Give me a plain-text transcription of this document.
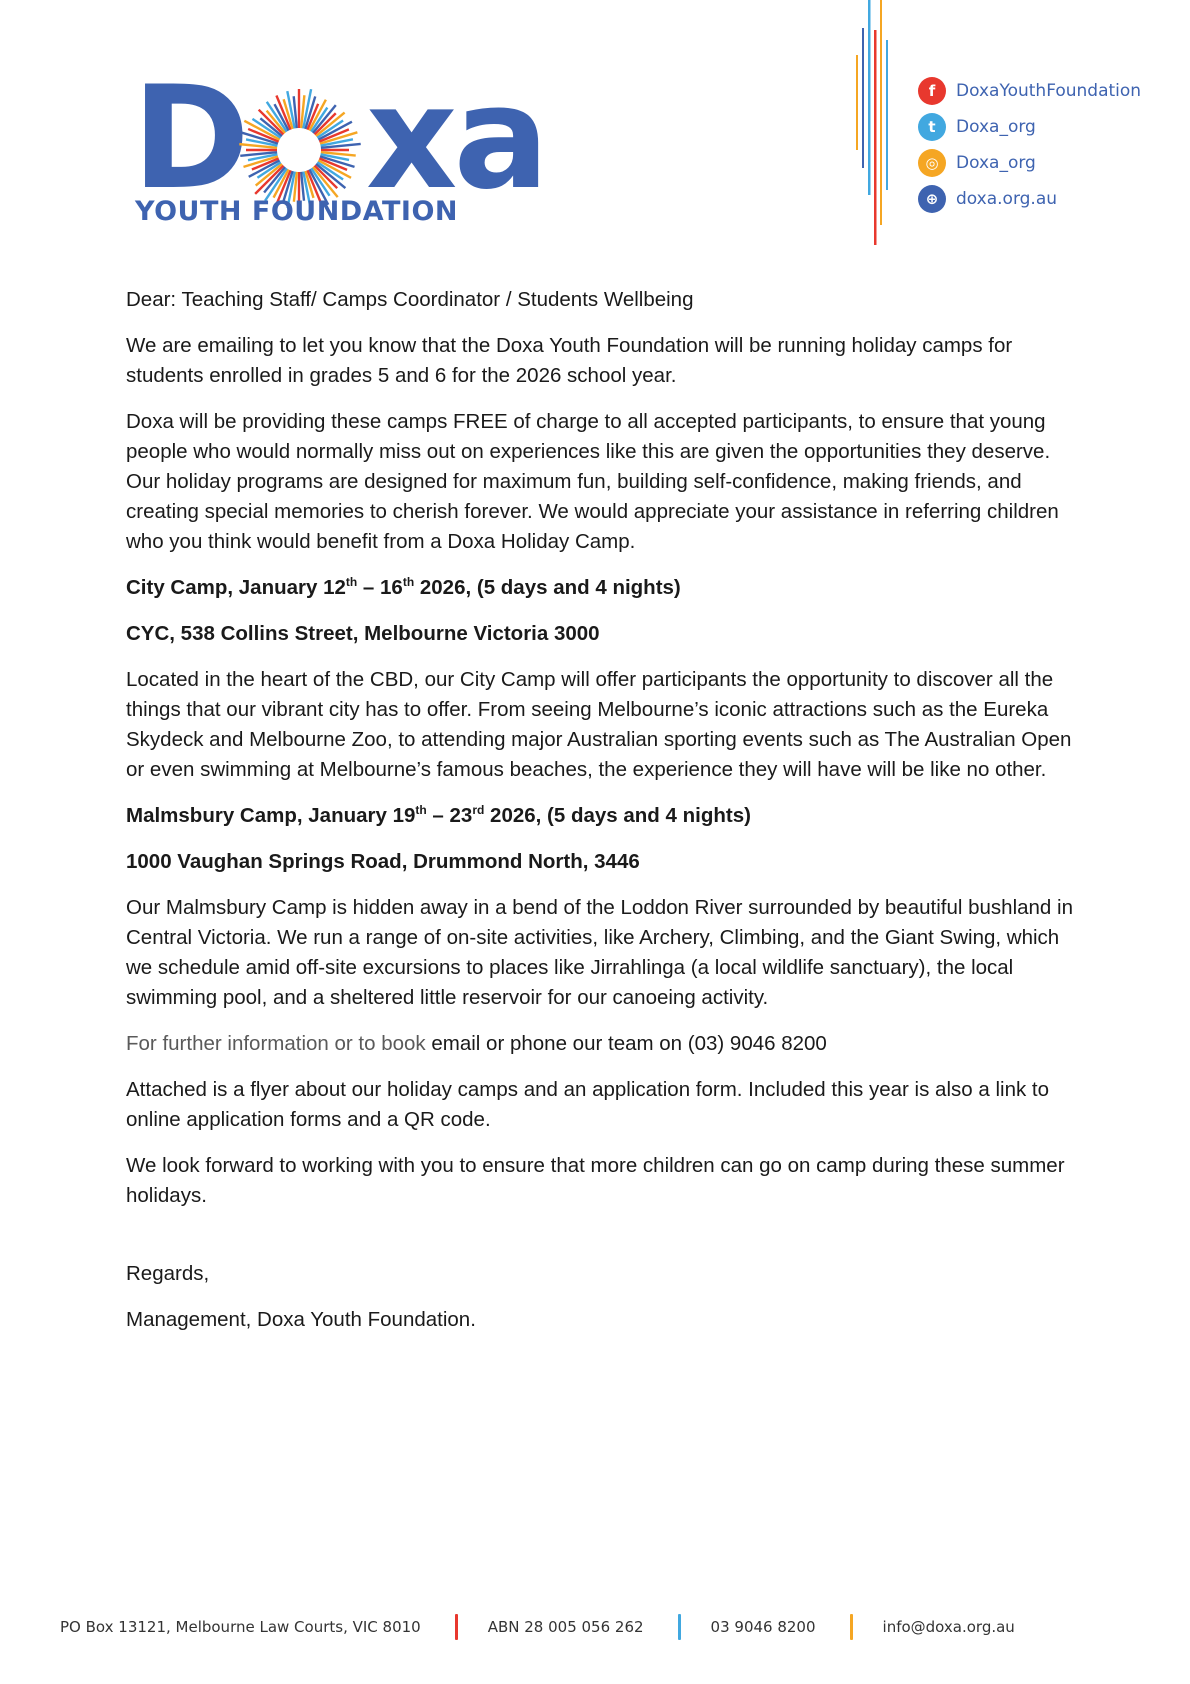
D xa
YOUTH FOUNDATION
f	DoxaYouthFoundation
t	Doxa_org
◎	Doxa_org
⊕	doxa.org.au

Dear: Teaching Staff/ Camps Coordinator / Students Wellbeing

We are emailing to let you know that the Doxa Youth Foundation will be running holiday camps for students enrolled in grades 5 and 6 for the 2026 school year.

Doxa will be providing these camps FREE of charge to all accepted participants, to ensure that young people who would normally miss out on experiences like this are given the opportunities they deserve. Our holiday programs are designed for maximum fun, building self-confidence, making friends, and creating special memories to cherish forever. We would appreciate your assistance in referring children who you think would benefit from a Doxa Holiday Camp.

City Camp, January 12th – 16th 2026, (5 days and 4 nights)

CYC, 538 Collins Street, Melbourne Victoria 3000

Located in the heart of the CBD, our City Camp will offer participants the opportunity to discover all the things that our vibrant city has to offer. From seeing Melbourne’s iconic attractions such as the Eureka Skydeck and Melbourne Zoo, to attending major Australian sporting events such as The Australian Open or even swimming at Melbourne’s famous beaches, the experience they will have will be like no other.

Malmsbury Camp, January 19th – 23rd 2026, (5 days and 4 nights)

1000 Vaughan Springs Road, Drummond North, 3446

Our Malmsbury Camp is hidden away in a bend of the Loddon River surrounded by beautiful bushland in Central Victoria. We run a range of on-site activities, like Archery, Climbing, and the Giant Swing, which we schedule amid off-site excursions to places like Jirrahlinga (a local wildlife sanctuary), the local swimming pool, and a sheltered little reservoir for our canoeing activity.

For further information or to book email or phone our team on (03) 9046 8200

Attached is a flyer about our holiday camps and an application form. Included this year is also a link to online application forms and a QR code.

We look forward to working with you to ensure that more children can go on camp during these summer holidays.

Regards,

Management, Doxa Youth Foundation.

PO Box 13121, Melbourne Law Courts, VIC 8010	ABN 28 005 056 262	03 9046 8200	info@doxa.org.au
